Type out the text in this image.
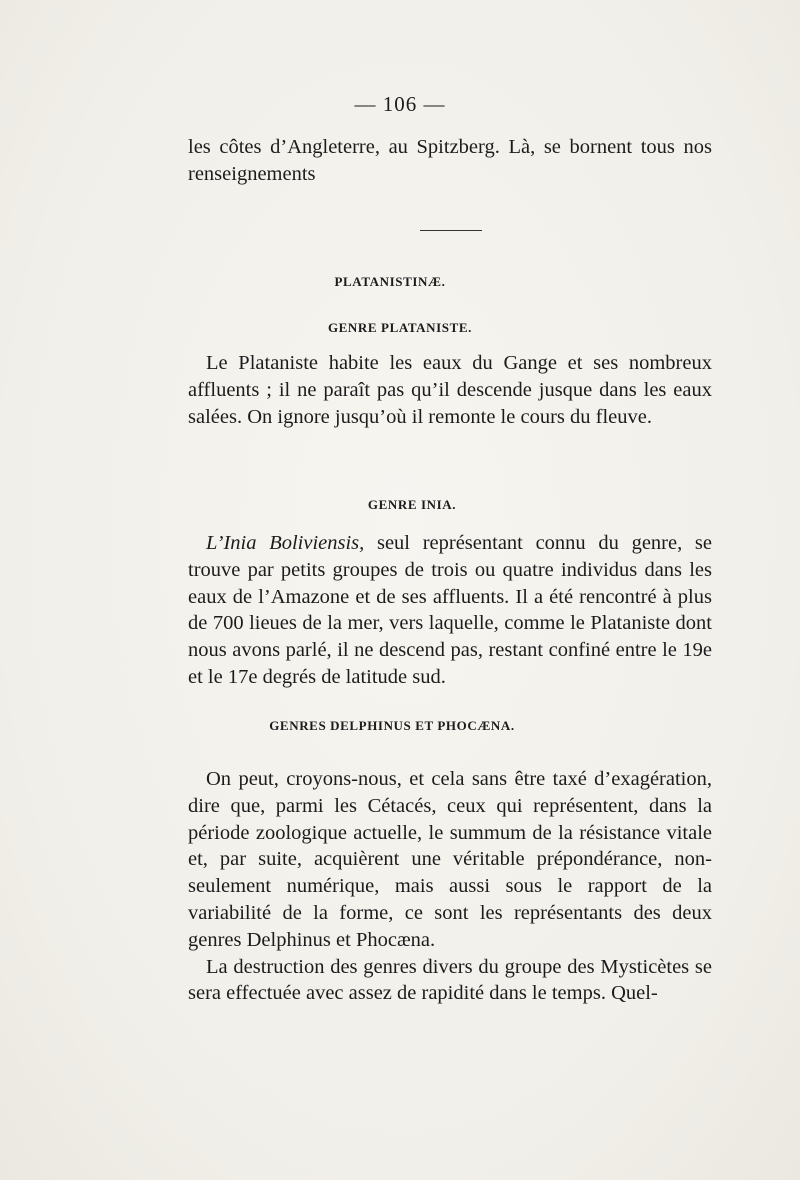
— 106 —

les côtes d’Angleterre, au Spitzberg. Là, se bornent tous nos renseignements

PLATANISTINÆ.
GENRE PLATANISTE.

Le Plataniste habite les eaux du Gange et ses nombreux affluents ; il ne paraît pas qu’il descende jusque dans les eaux salées. On ignore jusqu’où il remonte le cours du fleuve.

GENRE INIA.

L’Inia Boliviensis, seul représentant connu du genre, se trouve par petits groupes de trois ou quatre individus dans les eaux de l’Amazone et de ses affluents. Il a été rencontré à plus de 700 lieues de la mer, vers laquelle, comme le Plataniste dont nous avons parlé, il ne descend pas, restant confiné entre le 19e et le 17e degrés de latitude sud.

GENRES DELPHINUS ET PHOCÆNA.

On peut, croyons-nous, et cela sans être taxé d’exagération, dire que, parmi les Cétacés, ceux qui représentent, dans la période zoologique actuelle, le summum de la résistance vitale et, par suite, acquièrent une véritable prépondérance, non-seulement numérique, mais aussi sous le rapport de la variabilité de la forme, ce sont les représentants des deux genres Delphinus et Phocæna.

La destruction des genres divers du groupe des Mysticètes se sera effectuée avec assez de rapidité dans le temps. Quel-
